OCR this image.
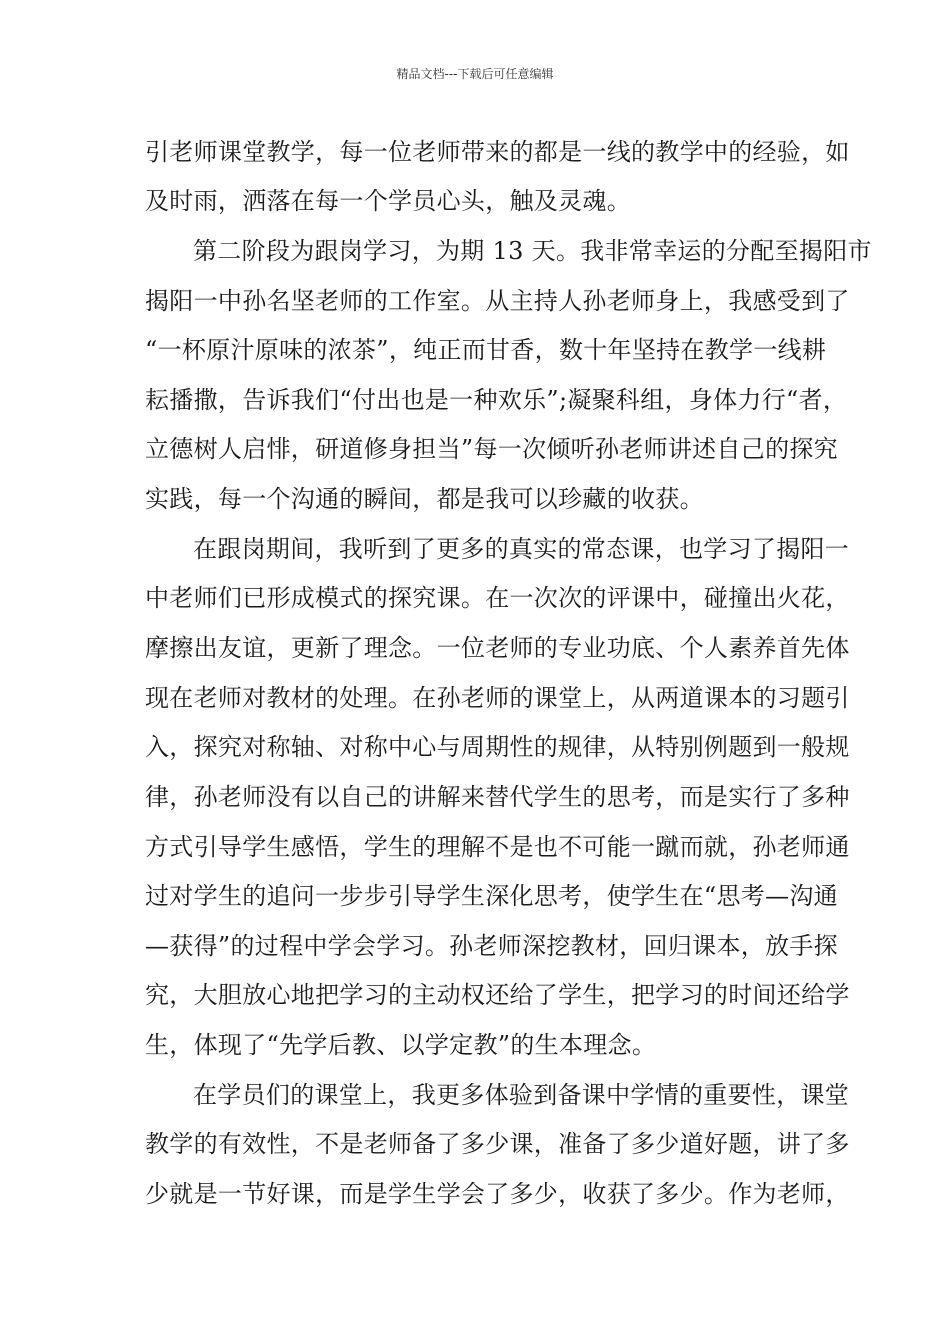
精品文档---下载后可任意编辑
引老师课堂教学，每一位老师带来的都是一线的教学中的经验，如
及时雨，洒落在每一个学员心头，触及灵魂。
第二阶段为跟岗学习，为期 13 天。我非常幸运的分配至揭阳市
揭阳一中孙名坚老师的工作室。从主持人孙老师身上，我感受到了
“一杯原汁原味的浓茶”，纯正而甘香，数十年坚持在教学一线耕
耘播撒，告诉我们“付出也是一种欢乐”;凝聚科组，身体力行“者，
立德树人启悱，研道修身担当”每一次倾听孙老师讲述自己的探究
实践，每一个沟通的瞬间，都是我可以珍藏的收获。
在跟岗期间，我听到了更多的真实的常态课，也学习了揭阳一
中老师们已形成模式的探究课。在一次次的评课中，碰撞出火花，
摩擦出友谊，更新了理念。一位老师的专业功底、个人素养首先体
现在老师对教材的处理。在孙老师的课堂上，从两道课本的习题引
入，探究对称轴、对称中心与周期性的规律，从特别例题到一般规
律，孙老师没有以自己的讲解来替代学生的思考，而是实行了多种
方式引导学生感悟，学生的理解不是也不可能一蹴而就，孙老师通
过对学生的追问一步步引导学生深化思考，使学生在“思考—沟通
—获得”的过程中学会学习。孙老师深挖教材，回归课本，放手探
究，大胆放心地把学习的主动权还给了学生，把学习的时间还给学
生，体现了“先学后教、以学定教”的生本理念。
在学员们的课堂上，我更多体验到备课中学情的重要性，课堂
教学的有效性，不是老师备了多少课，准备了多少道好题，讲了多
少就是一节好课，而是学生学会了多少，收获了多少。作为老师，
